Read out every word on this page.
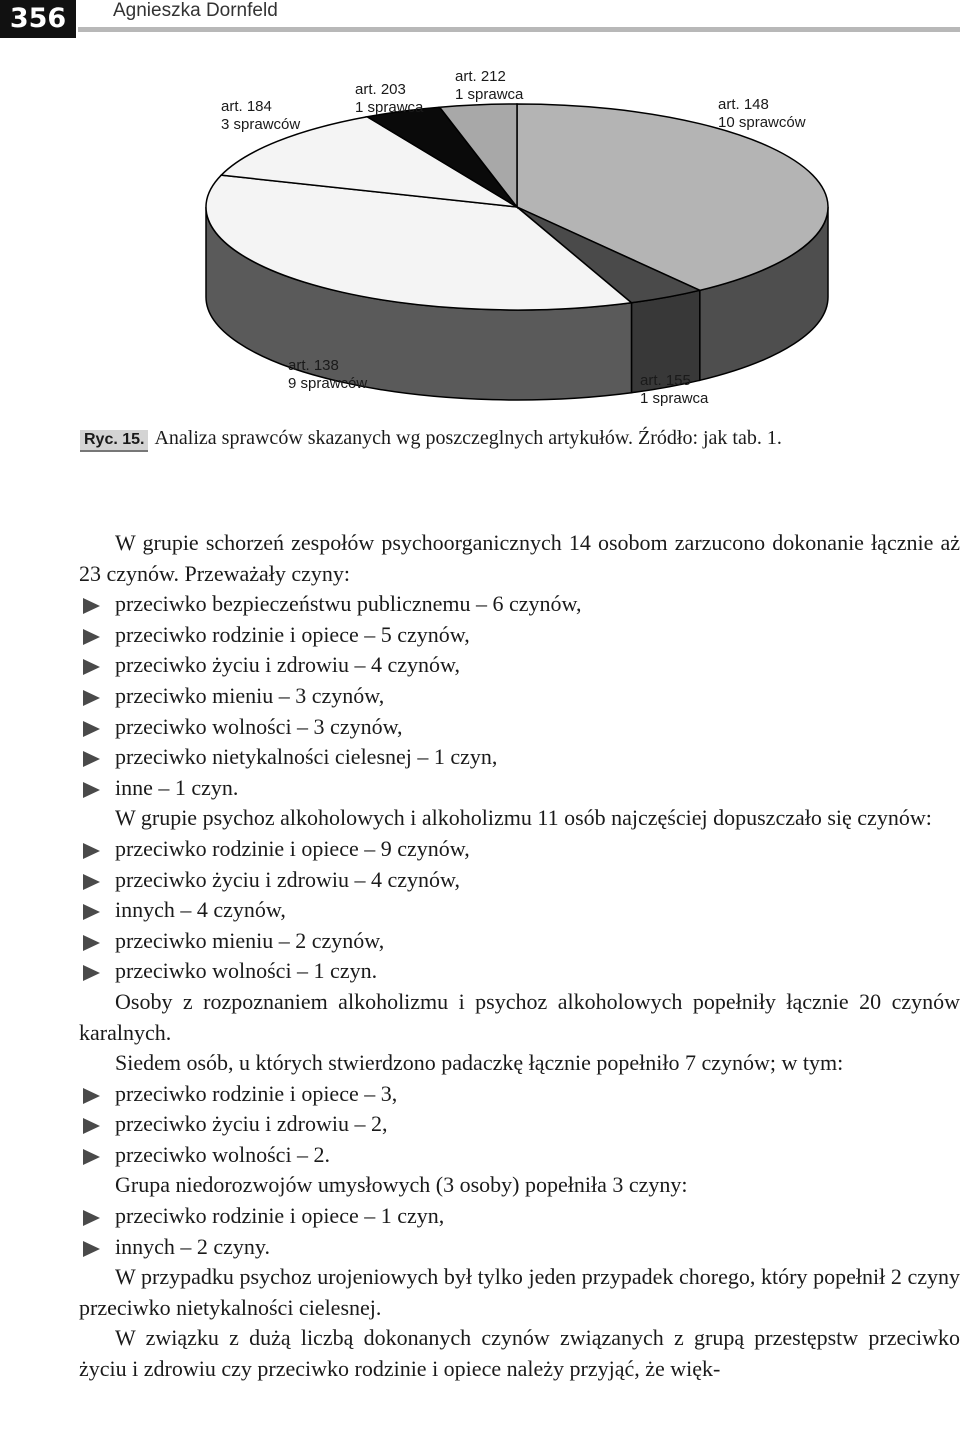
356	Agnieszka Dornfeld
art. 148
10 sprawców
art. 155
1 sprawca
art. 138
9 sprawców
art. 184
3 sprawców
art. 203
1 sprawca
art. 212
1 sprawca
Ryc. 15. Analiza sprawców skazanych wg poszczeglnych artykułów. Źródło: jak tab. 1.

W grupie schorzeń zespołów psychoorganicznych 14 osobom zarzucono dokonanie łącznie aż 23 czynów. Przeważały czyny:

przeciwko bezpieczeństwu publicznemu – 6 czynów,
przeciwko rodzinie i opiece – 5 czynów,
przeciwko życiu i zdrowiu – 4 czynów,
przeciwko mieniu – 3 czynów,
przeciwko wolności – 3 czynów,
przeciwko nietykalności cielesnej – 1 czyn,
inne – 1 czyn.

W grupie psychoz alkoholowych i alkoholizmu 11 osób najczęściej dopuszczało się czynów:

przeciwko rodzinie i opiece – 9 czynów,
przeciwko życiu i zdrowiu – 4 czynów,
innych – 4 czynów,
przeciwko mieniu – 2 czynów,
przeciwko wolności – 1 czyn.

Osoby z rozpoznaniem alkoholizmu i psychoz alkoholowych popełniły łącznie 20 czynów karalnych.

Siedem osób, u których stwierdzono padaczkę łącznie popełniło 7 czynów; w tym:

przeciwko rodzinie i opiece – 3,
przeciwko życiu i zdrowiu – 2,
przeciwko wolności – 2.

Grupa niedorozwojów umysłowych (3 osoby) popełniła 3 czyny:

przeciwko rodzinie i opiece – 1 czyn,
innych – 2 czyny.

W przypadku psychoz urojeniowych był tylko jeden przypadek chorego, który popełnił 2 czyny przeciwko nietykalności cielesnej.

W związku z dużą liczbą dokonanych czynów związanych z grupą przestępstw przeciwko życiu i zdrowiu czy przeciwko rodzinie i opiece należy przyjąć, że więk-
